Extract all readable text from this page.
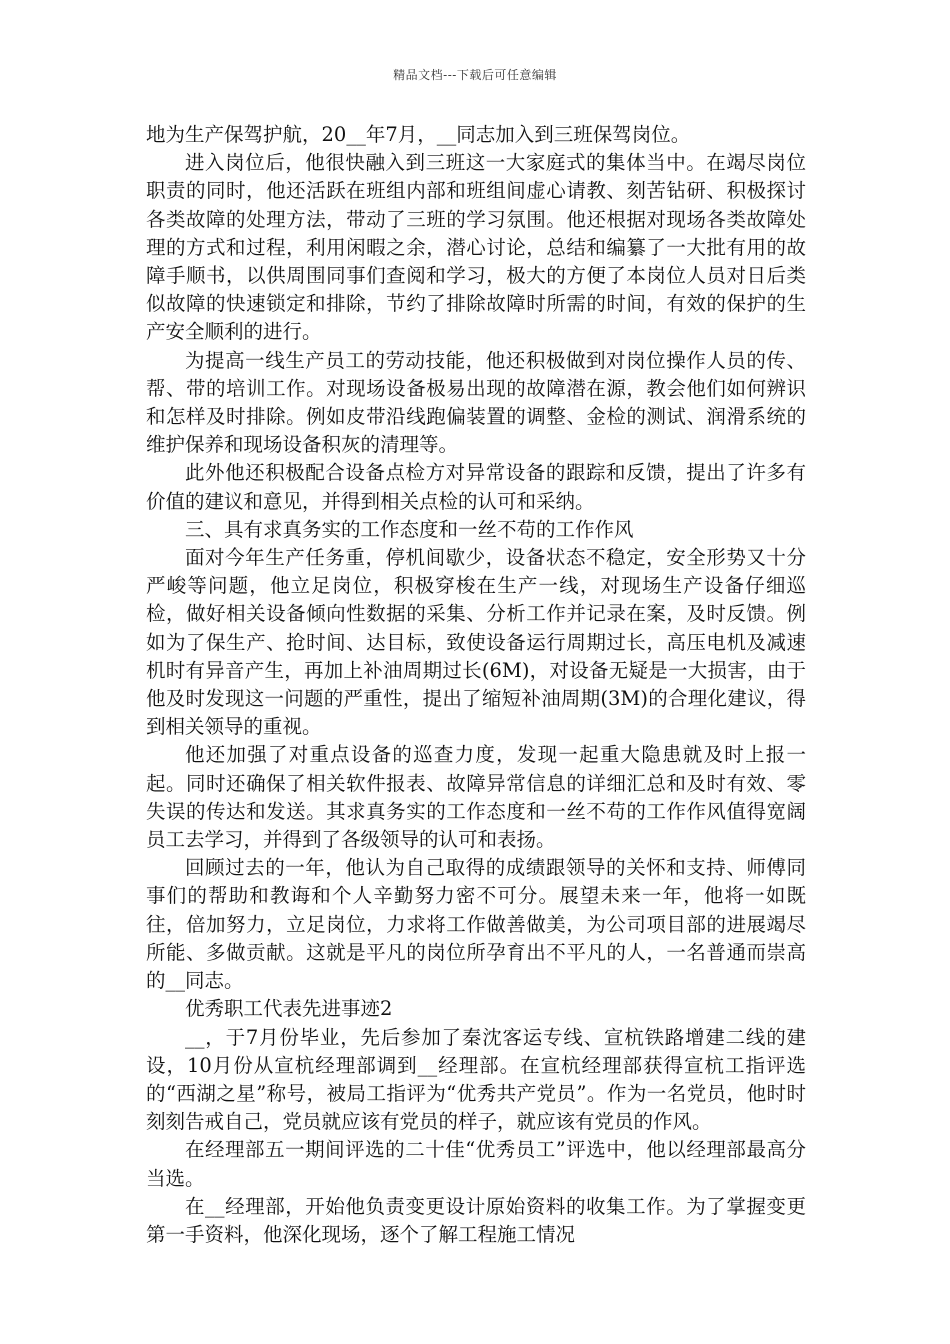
精品文档---下载后可任意编辑

地为生产保驾护航，20__年7月，__同志加入到三班保驾岗位。

进入岗位后，他很快融入到三班这一大家庭式的集体当中。在竭尽岗位职责的同时，他还活跃在班组内部和班组间虚心请教、刻苦钻研、积极探讨各类故障的处理方法，带动了三班的学习氛围。他还根据对现场各类故障处理的方式和过程，利用闲暇之余，潜心讨论，总结和编纂了一大批有用的故障手顺书，以供周围同事们查阅和学习，极大的方便了本岗位人员对日后类似故障的快速锁定和排除，节约了排除故障时所需的时间，有效的保护的生产安全顺利的进行。

为提高一线生产员工的劳动技能，他还积极做到对岗位操作人员的传、帮、带的培训工作。对现场设备极易出现的故障潜在源，教会他们如何辨识和怎样及时排除。例如皮带沿线跑偏装置的调整、金检的测试、润滑系统的维护保养和现场设备积灰的清理等。

此外他还积极配合设备点检方对异常设备的跟踪和反馈，提出了许多有价值的建议和意见，并得到相关点检的认可和采纳。

三、具有求真务实的工作态度和一丝不苟的工作作风

面对今年生产任务重，停机间歇少，设备状态不稳定，安全形势又十分严峻等问题，他立足岗位，积极穿梭在生产一线，对现场生产设备仔细巡检，做好相关设备倾向性数据的采集、分析工作并记录在案，及时反馈。例如为了保生产、抢时间、达目标，致使设备运行周期过长，高压电机及减速机时有异音产生，再加上补油周期过长(6M)，对设备无疑是一大损害，由于他及时发现这一问题的严重性，提出了缩短补油周期(3M)的合理化建议，得到相关领导的重视。

他还加强了对重点设备的巡查力度，发现一起重大隐患就及时上报一起。同时还确保了相关软件报表、故障异常信息的详细汇总和及时有效、零失误的传达和发送。其求真务实的工作态度和一丝不苟的工作作风值得宽阔员工去学习，并得到了各级领导的认可和表扬。

回顾过去的一年，他认为自己取得的成绩跟领导的关怀和支持、师傅同事们的帮助和教诲和个人辛勤努力密不可分。展望未来一年，他将一如既往，倍加努力，立足岗位，力求将工作做善做美，为公司项目部的进展竭尽所能、多做贡献。这就是平凡的岗位所孕育出不平凡的人，一名普通而崇高的__同志。

优秀职工代表先进事迹2

__，于7月份毕业，先后参加了秦沈客运专线、宣杭铁路增建二线的建设，10月份从宣杭经理部调到__经理部。在宣杭经理部获得宣杭工指评选的“西湖之星”称号，被局工指评为“优秀共产党员”。作为一名党员，他时时刻刻告戒自己，党员就应该有党员的样子，就应该有党员的作风。

在经理部五一期间评选的二十佳“优秀员工”评选中，他以经理部最高分当选。

在__经理部，开始他负责变更设计原始资料的收集工作。为了掌握变更第一手资料，他深化现场，逐个了解工程施工情况
